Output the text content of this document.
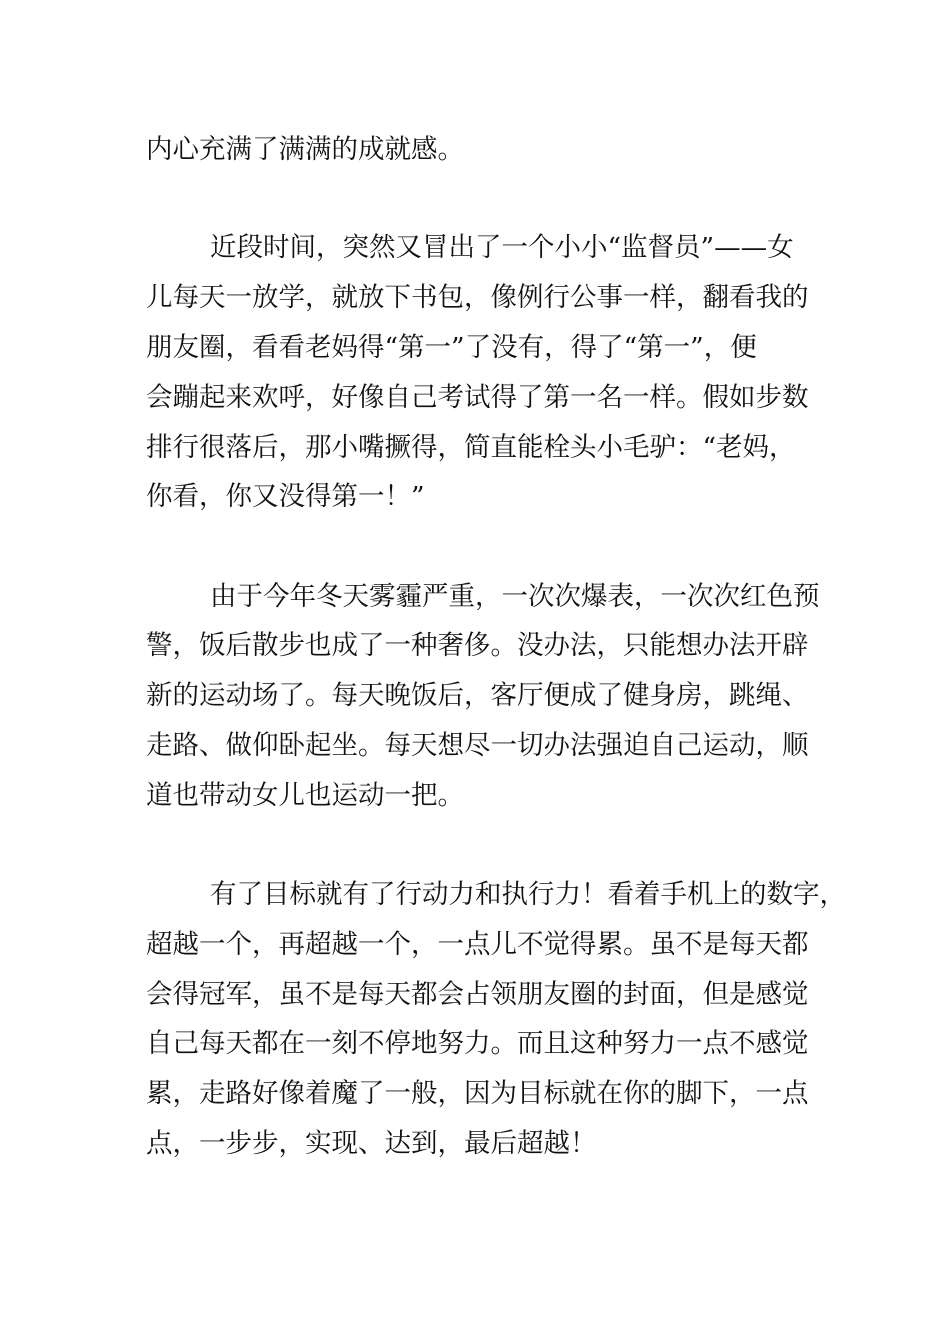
内心充满了满满的成就感。

近段时间，突然又冒出了一个小小“监督员”——女

儿每天一放学，就放下书包，像例行公事一样，翻看我的

朋友圈，看看老妈得“第一”了没有，得了“第一”，便

会蹦起来欢呼，好像自己考试得了第一名一样。假如步数

排行很落后，那小嘴撅得，简直能栓头小毛驴：“老妈，

你看，你又没得第一！”

由于今年冬天雾霾严重，一次次爆表，一次次红色预

警，饭后散步也成了一种奢侈。没办法，只能想办法开辟

新的运动场了。每天晚饭后，客厅便成了健身房，跳绳、

走路、做仰卧起坐。每天想尽一切办法强迫自己运动，顺

道也带动女儿也运动一把。

有了目标就有了行动力和执行力！看着手机上的数字，

超越一个，再超越一个，一点儿不觉得累。虽不是每天都

会得冠军，虽不是每天都会占领朋友圈的封面，但是感觉

自己每天都在一刻不停地努力。而且这种努力一点不感觉

累，走路好像着魔了一般，因为目标就在你的脚下，一点

点，一步步，实现、达到，最后超越！
